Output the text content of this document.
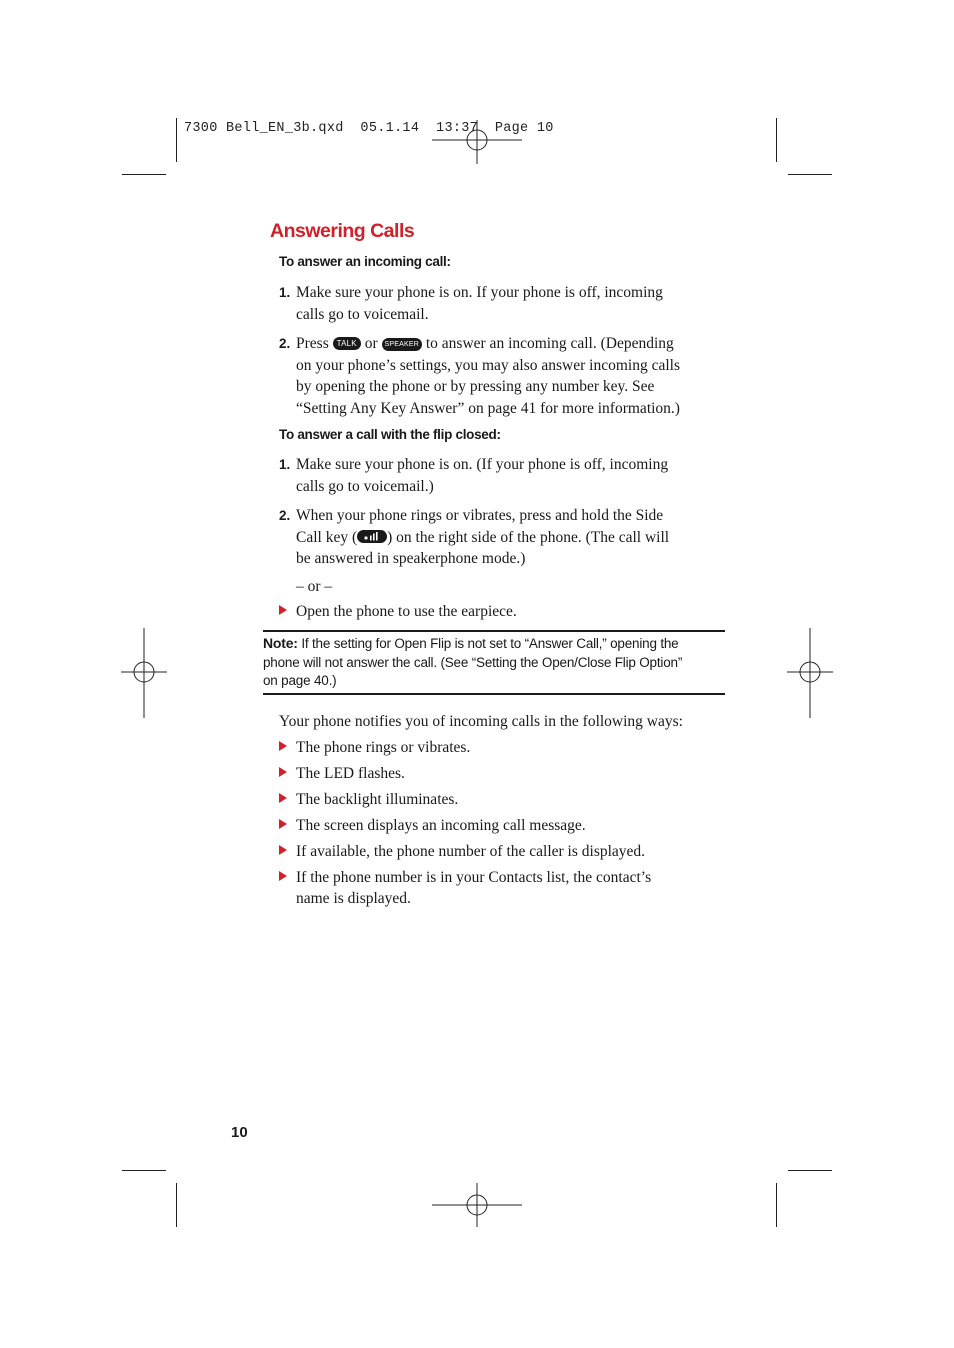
7300 Bell_EN_3b.qxd  05.1.14  13:37  Page 10
Answering Calls
To answer an incoming call:
1. Make sure your phone is on. If your phone is off, incoming
calls go to voicemail.
2. Press TALK or SPEAKER to answer an incoming call. (Depending
on your phone’s settings, you may also answer incoming calls
by opening the phone or by pressing any number key. See
“Setting Any Key Answer” on page 41 for more information.)
To answer a call with the flip closed:
1. Make sure your phone is on. (If your phone is off, incoming
calls go to voicemail.)
2. When your phone rings or vibrates, press and hold the Side
Call key ( ) on the right side of the phone. (The call will
be answered in speakerphone mode.)
– or –
Open the phone to use the earpiece.
Note: If the setting for Open Flip is not set to “Answer Call,” opening the
phone will not answer the call. (See “Setting the Open/Close Flip Option”
on page 40.)
Your phone notifies you of incoming calls in the following ways:
The phone rings or vibrates.
The LED flashes.
The backlight illuminates.
The screen displays an incoming call message.
If available, the phone number of the caller is displayed.
If the phone number is in your Contacts list, the contact’s
name is displayed.
10
